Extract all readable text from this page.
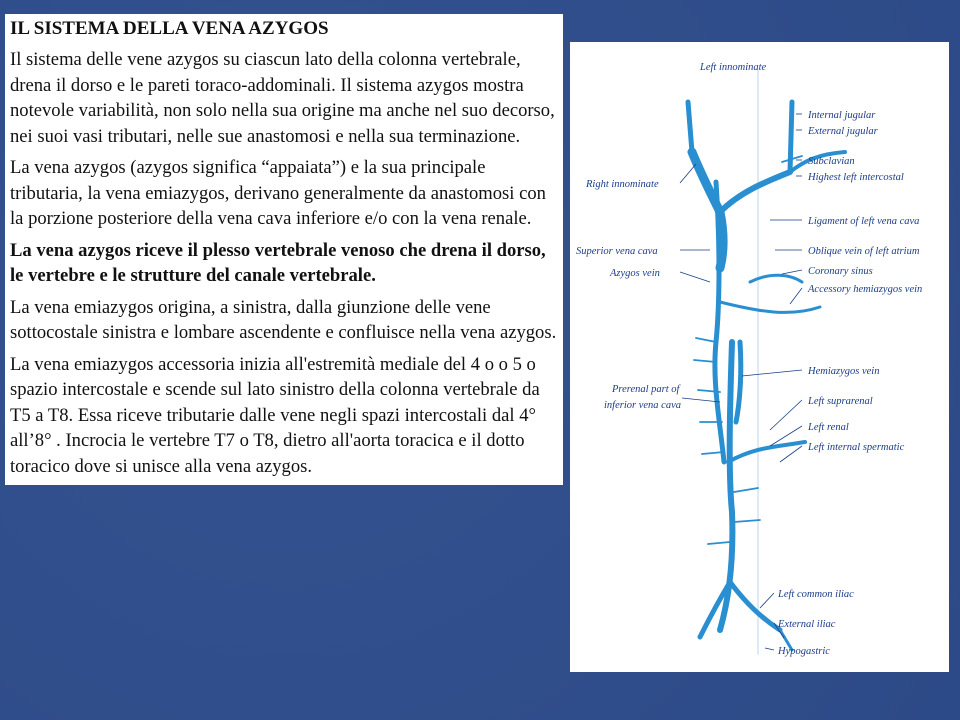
IL SISTEMA DELLA VENA AZYGOS

Il sistema delle vene azygos su ciascun lato della colonna vertebrale, drena il dorso e le pareti toraco-addominali. Il sistema azygos mostra notevole variabilità, non solo nella sua origine ma anche nel suo decorso, nei suoi vasi tributari, nelle sue anastomosi e nella sua terminazione.

La vena azygos (azygos significa “appaiata”) e la sua principale tributaria, la vena emiazygos, derivano generalmente da anastomosi con la porzione posteriore della vena cava inferiore e/o con la vena renale.

La vena azygos riceve il plesso vertebrale venoso che drena il dorso, le vertebre e le strutture del canale vertebrale.

La vena emiazygos origina, a sinistra, dalla giunzione delle vene sottocostale sinistra e lombare ascendente e confluisce nella vena azygos.

La vena emiazygos accessoria inizia all'estremità mediale del 4 o o 5 o spazio intercostale e scende sul lato sinistro della colonna vertebrale da T5 a T8. Essa riceve tributarie dalle vene negli spazi intercostali dal 4° all’8° . Incrocia le vertebre T7 o T8, dietro all'aorta toracica e il dotto toracico dove si unisce alla vena azygos.

Left innominate
Right innominate
Superior vena cava
Azygos vein
Prerenal part of
inferior vena cava
Internal jugular
External jugular
Subclavian
Highest left intercostal
Ligament of left vena cava
Oblique vein of left atrium
Coronary sinus
Accessory hemiazygos vein
Hemiazygos vein
Left suprarenal
Left renal
Left internal spermatic
Left common iliac
External iliac
Hypogastric
